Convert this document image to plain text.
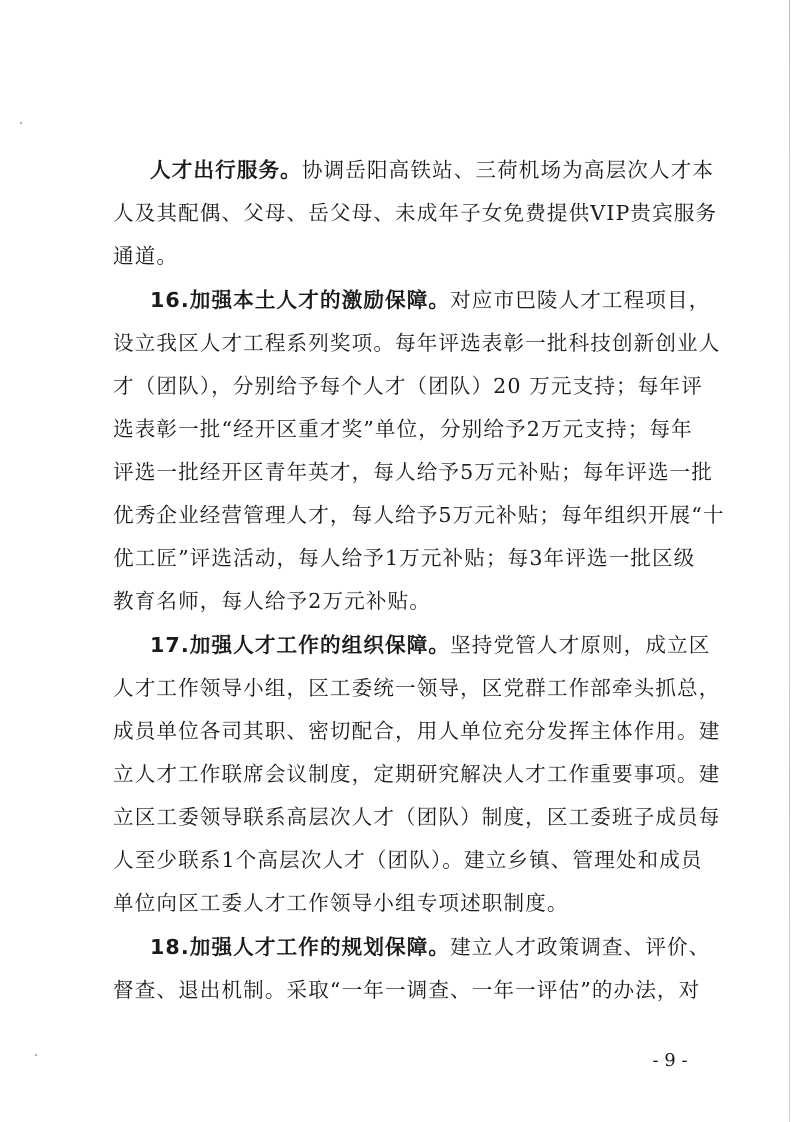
人才出行服务。协调岳阳高铁站、三荷机场为高层次人才本

人及其配偶、父母、岳父母、未成年子女免费提供VIP贵宾服务

通道。

16.加强本土人才的激励保障。对应市巴陵人才工程项目，

设立我区人才工程系列奖项。每年评选表彰一批科技创新创业人

才（团队），分别给予每个人才（团队）20 万元支持；每年评

选表彰一批“经开区重才奖”单位，分别给予2万元支持；每年

评选一批经开区青年英才，每人给予5万元补贴；每年评选一批

优秀企业经营管理人才，每人给予5万元补贴；每年组织开展“十

优工匠”评选活动，每人给予1万元补贴；每3年评选一批区级

教育名师，每人给予2万元补贴。

17.加强人才工作的组织保障。坚持党管人才原则，成立区

人才工作领导小组，区工委统一领导，区党群工作部牵头抓总，

成员单位各司其职、密切配合，用人单位充分发挥主体作用。建

立人才工作联席会议制度，定期研究解决人才工作重要事项。建

立区工委领导联系高层次人才（团队）制度，区工委班子成员每

人至少联系1个高层次人才（团队）。建立乡镇、管理处和成员

单位向区工委人才工作领导小组专项述职制度。

18.加强人才工作的规划保障。建立人才政策调查、评价、

督查、退出机制。采取“一年一调查、一年一评估”的办法，对

- 9 -
